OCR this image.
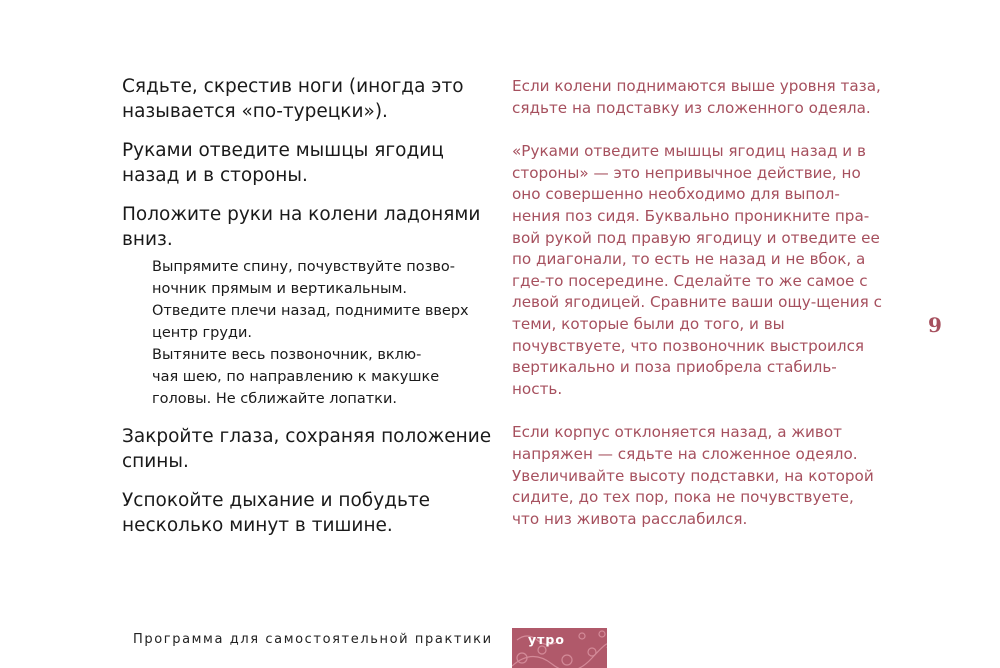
Сядьте, скрестив ноги (иногда это называется «по-турецки»).

Руками отведите мышцы ягодиц назад и в стороны.

Положите руки на колени ладонями вниз.

Выпрямите спину, почувствуйте позво-
ночник прямым и вертикальным.
Отведите плечи назад, поднимите вверх
центр груди.
Вытяните весь позвоночник, вклю-
чая шею, по направлению к макушке
головы. Не сближайте лопатки.

Закройте глаза, сохраняя положение спины.

Успокойте дыхание и побудьте несколько минут в тишине.

Если колени поднимаются выше уровня таза, сядьте на подставку из сложенного одеяла.

«Руками отведите мышцы ягодиц назад и в стороны» — это непривычное действие, но оно совершенно необходимо для выпол-нения поз сидя. Буквально проникните пра-вой рукой под правую ягодицу и отведите ее по диагонали, то есть не назад и не вбок, а где-то посередине. Сделайте то же самое с левой ягодицей. Сравните ваши ощу-щения с теми, которые были до того, и вы почувствуете, что позвоночник выстроился вертикально и поза приобрела стабиль-ность.

Если корпус отклоняется назад, а живот напряжен — сядьте на сложенное одеяло. Увеличивайте высоту подставки, на которой сидите, до тех пор, пока не почувствуете, что низ живота расслабился.

9
Программа для самостоятельной практики	утро
